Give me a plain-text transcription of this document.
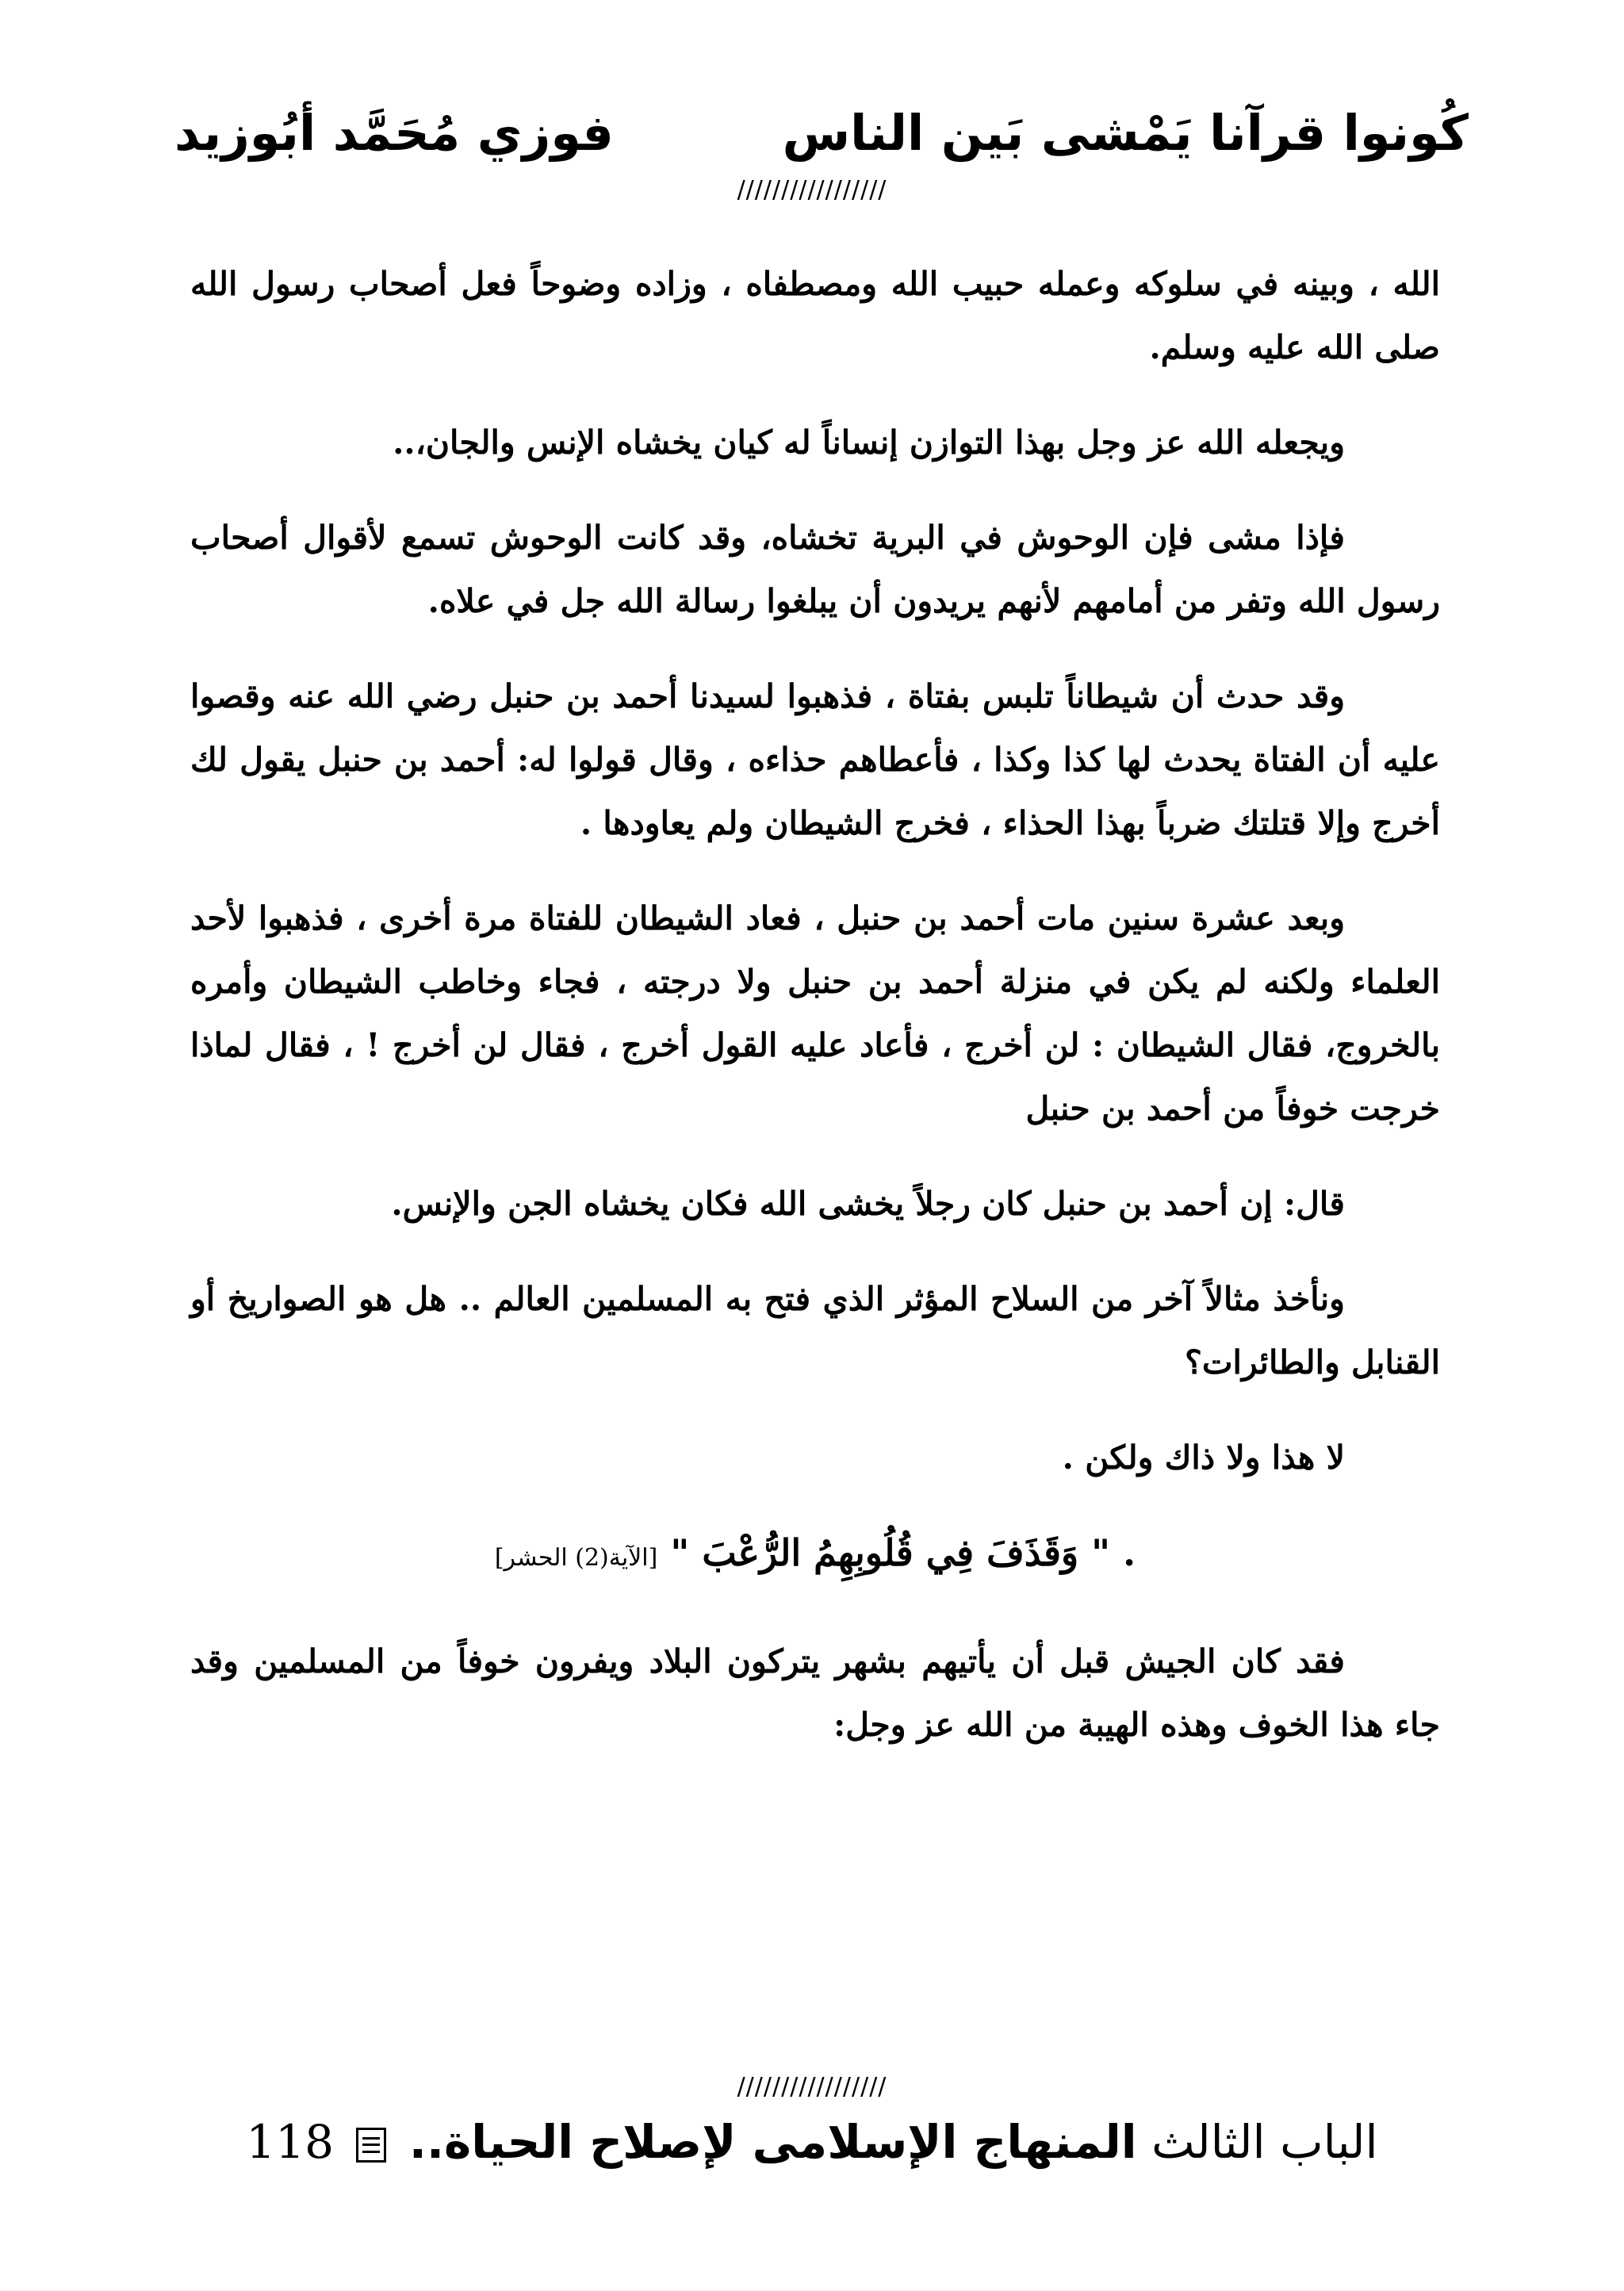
كُونوا قرآنا يَمْشى بَين الناس
فوزي مُحَمَّد أبُوزيد
/////////////////

الله ، وبينه في سلوكه وعمله حبيب الله ومصطفاه ، وزاده وضوحاً فعل أصحاب رسول الله صلى الله عليه وسلم.

ويجعله الله عز وجل بهذا التوازن إنساناً له كيان يخشاه الإنس والجان،..

فإذا مشى فإن الوحوش في البرية تخشاه، وقد كانت الوحوش تسمع لأقوال أصحاب رسول الله وتفر من أمامهم لأنهم يريدون أن يبلغوا رسالة الله جل في علاه.

وقد حدث أن شيطاناً تلبس بفتاة ، فذهبوا لسيدنا أحمد بن حنبل رضي الله عنه وقصوا عليه أن الفتاة يحدث لها كذا وكذا ، فأعطاهم حذاءه ، وقال قولوا له: أحمد بن حنبل يقول لك أخرج وإلا قتلتك ضرباً بهذا الحذاء ، فخرج الشيطان ولم يعاودها .

وبعد عشرة سنين مات أحمد بن حنبل ، فعاد الشيطان للفتاة مرة أخرى ، فذهبوا لأحد العلماء ولكنه لم يكن في منزلة أحمد بن حنبل ولا درجته ، فجاء وخاطب الشيطان وأمره بالخروج، فقال الشيطان : لن أخرج ، فأعاد عليه القول أخرج ، فقال لن أخرج ! ، فقال لماذا خرجت خوفاً من أحمد بن حنبل

قال: إن أحمد بن حنبل كان رجلاً يخشى الله فكان يخشاه الجن والإنس.

ونأخذ مثالاً آخر من السلاح المؤثر الذي فتح به المسلمين العالم .. هل هو الصواريخ أو القنابل والطائرات؟

لا هذا ولا ذاك ولكن .

. " وَقَذَفَ فِي قُلُوبِهِمُ الرُّعْبَ " [الآية(2) الحشر]

فقد كان الجيش قبل أن يأتيهم بشهر يتركون البلاد ويفرون خوفاً من المسلمين وقد جاء هذا الخوف وهذه الهيبة من الله عز وجل:

/////////////////
الباب الثالث المنهاج الإسلامى لإصلاح الحياة..  118
